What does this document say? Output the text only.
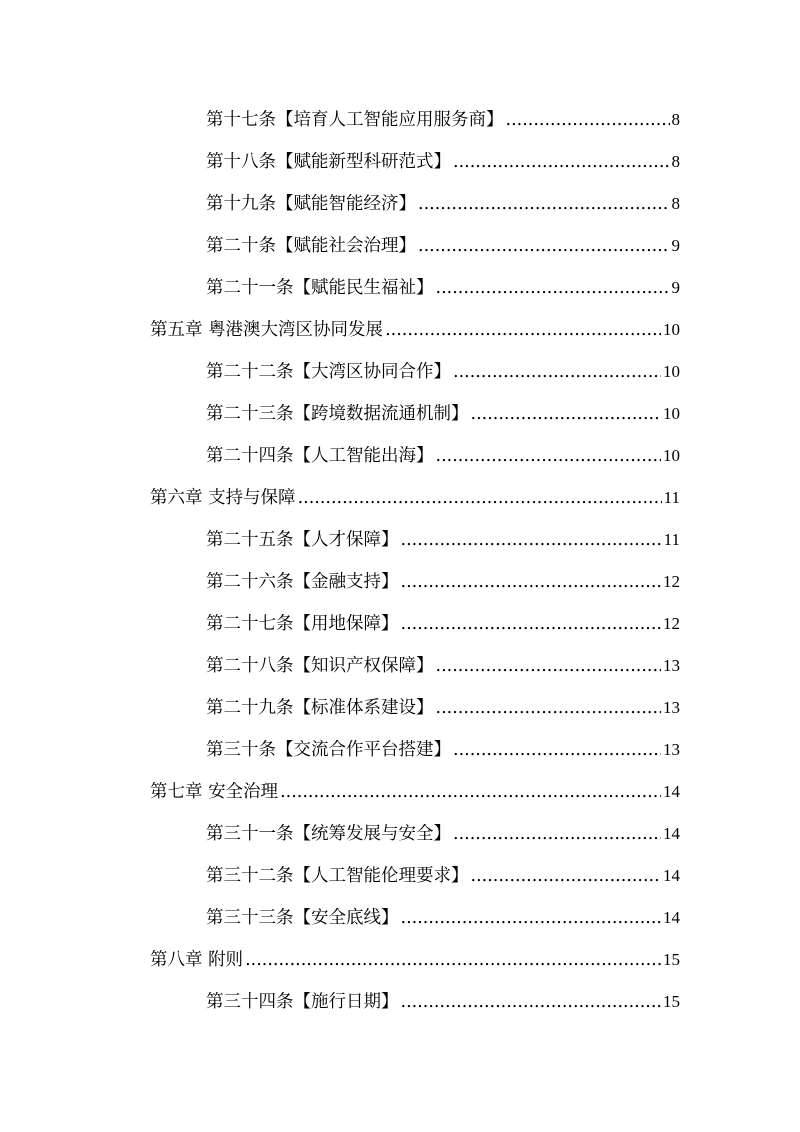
第十七条【培育人工智能应用服务商】 .....	8
第十八条【赋能新型科研范式】 .....	8
第十九条【赋能智能经济】 .....	8
第二十条【赋能社会治理】 .....	9
第二十一条【赋能民生福祉】 .....	9
第五章 粤港澳大湾区协同发展 .....	10
第二十二条【大湾区协同合作】 .....	10
第二十三条【跨境数据流通机制】 .....	10
第二十四条【人工智能出海】 .....	10
第六章 支持与保障 .....	11
第二十五条【人才保障】 .....	11
第二十六条【金融支持】 .....	12
第二十七条【用地保障】 .....	12
第二十八条【知识产权保障】 .....	13
第二十九条【标准体系建设】 .....	13
第三十条【交流合作平台搭建】 .....	13
第七章 安全治理 .....	14
第三十一条【统筹发展与安全】 .....	14
第三十二条【人工智能伦理要求】 .....	14
第三十三条【安全底线】 .....	14
第八章 附则 .....	15
第三十四条【施行日期】 .....	15
